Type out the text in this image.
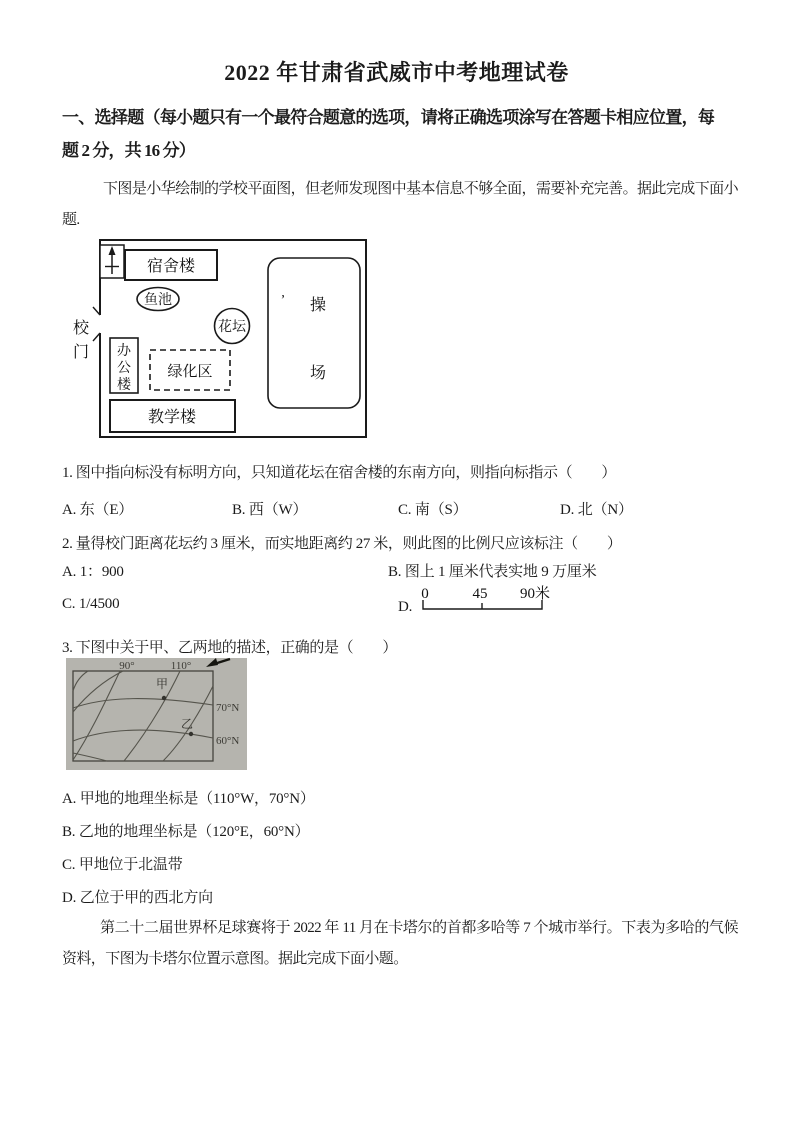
2022 年甘肃省武威市中考地理试卷
一、选择题（每小题只有一个最符合题意的选项，请将正确选项涂写在答题卡相应位置，每题 2 分，共 16 分）
下图是小华绘制的学校平面图，但老师发现图中基本信息不够全面，需要补充完善。据此完成下面小题.
宿舍楼
鱼池
花坛
办
公
楼
绿化区
操
场
’
教学楼
校
门
1. 图中指向标没有标明方向，只知道花坛在宿舍楼的东南方向，则指向标指示（　　）
A. 东（E）	B. 西（W）	C. 南（S）	D. 北（N）
2. 量得校门距离花坛约 3 厘米，而实地距离约 27 米，则此图的比例尺应该标注（　　）
A. 1：900	B. 图上 1 厘米代表实地 9 万厘米
C. 1/4500	D.
0	45 90米
3. 下图中关于甲、乙两地的描述，正确的是（　　）
90°	110°
70°N
60°N
甲
乙
A. 甲地的地理坐标是（110°W，70°N）
B. 乙地的地理坐标是（120°E，60°N）
C. 甲地位于北温带
D. 乙位于甲的西北方向
第二十二届世界杯足球赛将于 2022 年 11 月在卡塔尔的首都多哈等 7 个城市举行。下表为多哈的气候资料，下图为卡塔尔位置示意图。据此完成下面小题。
